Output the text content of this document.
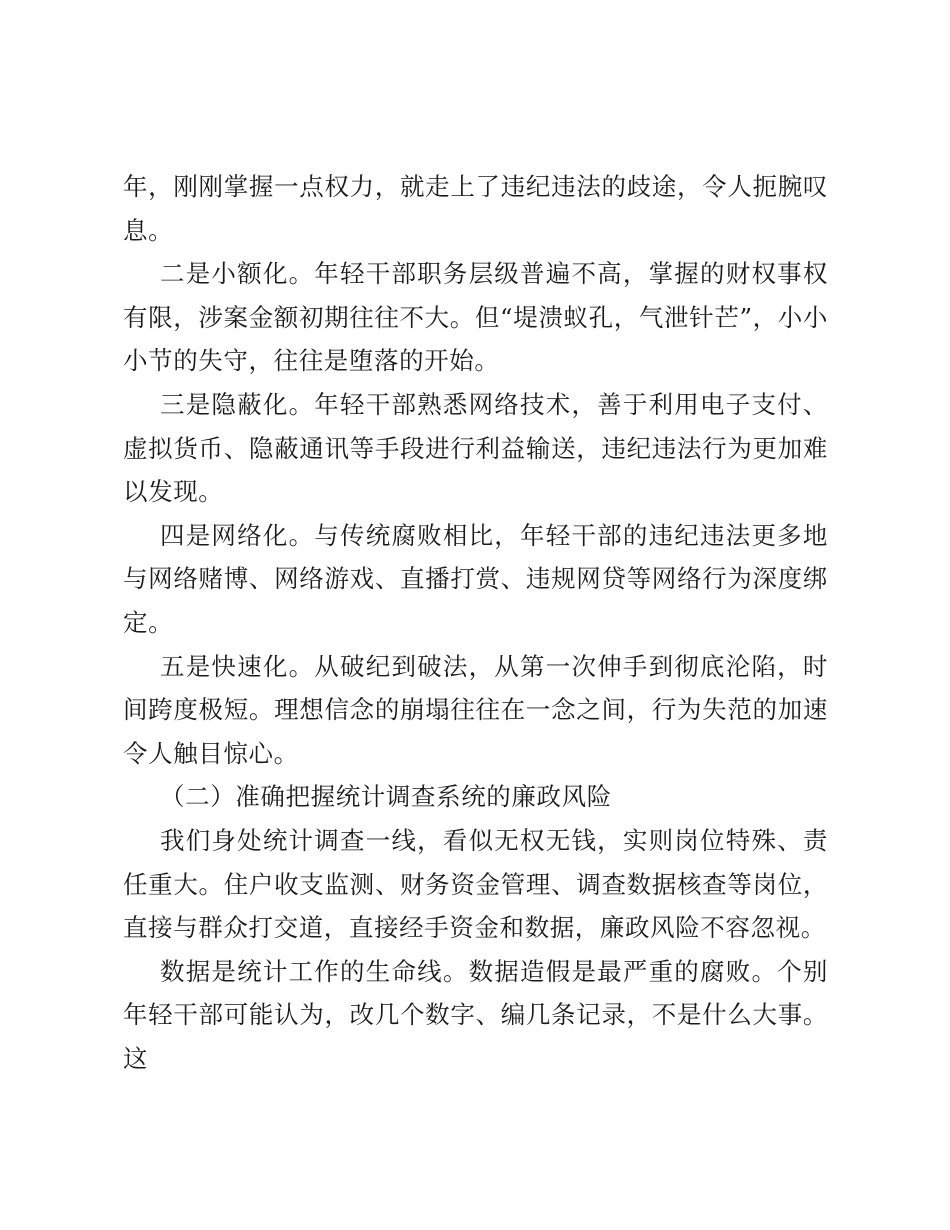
年，刚刚掌握一点权力，就走上了违纪违法的歧途，令人扼腕叹息。

二是小额化。年轻干部职务层级普遍不高，掌握的财权事权有限，涉案金额初期往往不大。但“堤溃蚁孔，气泄针芒”，小小小节的失守，往往是堕落的开始。

三是隐蔽化。年轻干部熟悉网络技术，善于利用电子支付、虚拟货币、隐蔽通讯等手段进行利益输送，违纪违法行为更加难以发现。

四是网络化。与传统腐败相比，年轻干部的违纪违法更多地与网络赌博、网络游戏、直播打赏、违规网贷等网络行为深度绑定。

五是快速化。从破纪到破法，从第一次伸手到彻底沦陷，时间跨度极短。理想信念的崩塌往往在一念之间，行为失范的加速令人触目惊心。

（二）准确把握统计调查系统的廉政风险

我们身处统计调查一线，看似无权无钱，实则岗位特殊、责任重大。住户收支监测、财务资金管理、调查数据核查等岗位，直接与群众打交道，直接经手资金和数据，廉政风险不容忽视。

数据是统计工作的生命线。数据造假是最严重的腐败。个别年轻干部可能认为，改几个数字、编几条记录，不是什么大事。这
